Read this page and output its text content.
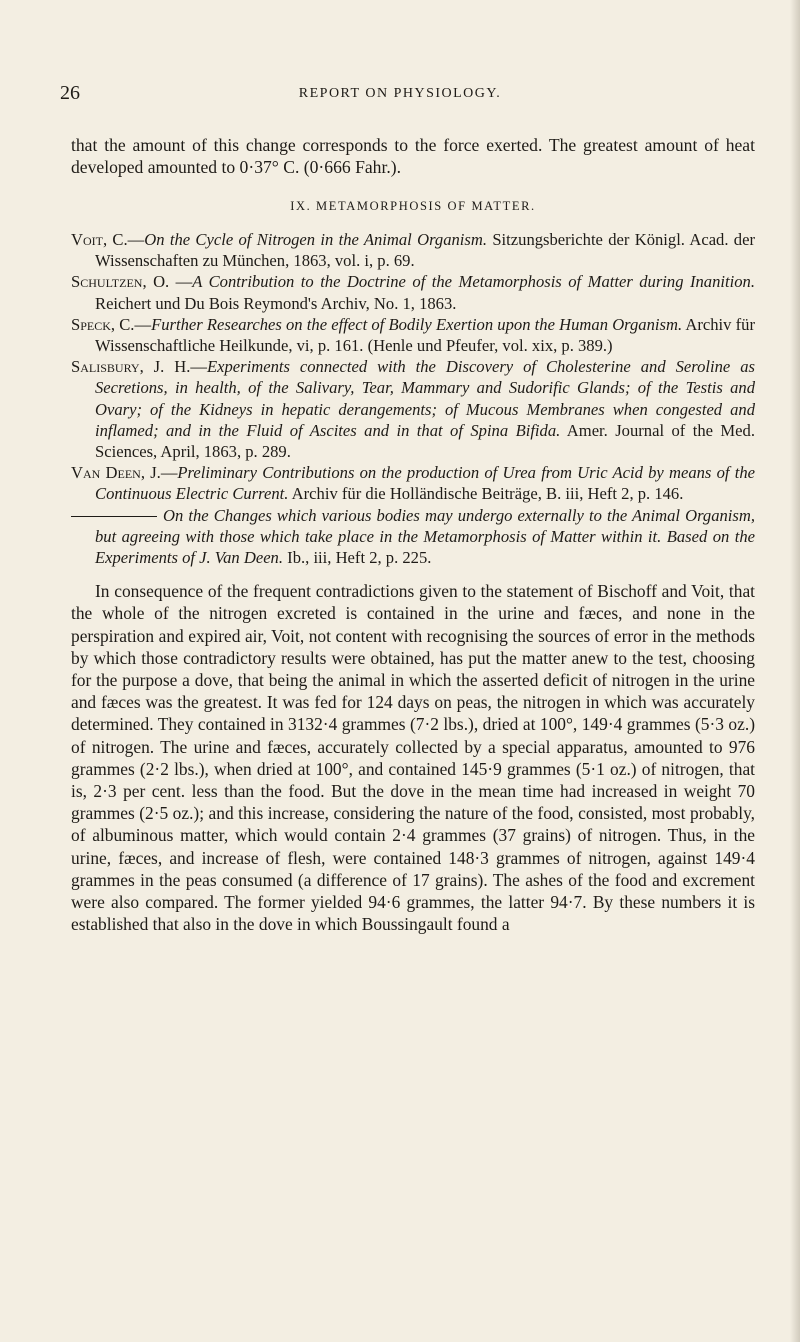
26	REPORT ON PHYSIOLOGY.

that the amount of this change corresponds to the force exerted. The greatest amount of heat developed amounted to 0·37° C. (0·666 Fahr.).

IX. METAMORPHOSIS OF MATTER.

Voit, C.—On the Cycle of Nitrogen in the Animal Organism. Sitzungsberichte der Königl. Acad. der Wissenschaften zu München, 1863, vol. i, p. 69.

Schultzen, O. —A Contribution to the Doctrine of the Metamorphosis of Matter during Inanition. Reichert und Du Bois Reymond's Archiv, No. 1, 1863.

Speck, C.—Further Researches on the effect of Bodily Exertion upon the Human Organism. Archiv für Wissenschaftliche Heilkunde, vi, p. 161. (Henle und Pfeufer, vol. xix, p. 389.)

Salisbury, J. H.—Experiments connected with the Discovery of Cholesterine and Seroline as Secretions, in health, of the Salivary, Tear, Mammary and Sudorific Glands; of the Testis and Ovary; of the Kidneys in hepatic derangements; of Mucous Membranes when congested and inflamed; and in the Fluid of Ascites and in that of Spina Bifida. Amer. Journal of the Med. Sciences, April, 1863, p. 289.

Van Deen, J.—Preliminary Contributions on the production of Urea from Uric Acid by means of the Continuous Electric Current. Archiv für die Holländische Beiträge, B. iii, Heft 2, p. 146.

On the Changes which various bodies may undergo externally to the Animal Organism, but agreeing with those which take place in the Metamorphosis of Matter within it. Based on the Experiments of J. Van Deen. Ib., iii, Heft 2, p. 225.

In consequence of the frequent contradictions given to the statement of Bischoff and Voit, that the whole of the nitrogen excreted is contained in the urine and fæces, and none in the perspiration and expired air, Voit, not content with recognising the sources of error in the methods by which those contradictory results were obtained, has put the matter anew to the test, choosing for the purpose a dove, that being the animal in which the asserted deficit of nitrogen in the urine and fæces was the greatest. It was fed for 124 days on peas, the nitrogen in which was accurately determined. They contained in 3132·4 grammes (7·2 lbs.), dried at 100°, 149·4 grammes (5·3 oz.) of nitrogen. The urine and fæces, accurately collected by a special apparatus, amounted to 976 grammes (2·2 lbs.), when dried at 100°, and contained 145·9 grammes (5·1 oz.) of nitrogen, that is, 2·3 per cent. less than the food. But the dove in the mean time had increased in weight 70 grammes (2·5 oz.); and this increase, considering the nature of the food, consisted, most probably, of albuminous matter, which would contain 2·4 grammes (37 grains) of nitrogen. Thus, in the urine, fæces, and increase of flesh, were contained 148·3 grammes of nitrogen, against 149·4 grammes in the peas consumed (a difference of 17 grains). The ashes of the food and excrement were also compared. The former yielded 94·6 grammes, the latter 94·7. By these numbers it is established that also in the dove in which Boussingault found a
